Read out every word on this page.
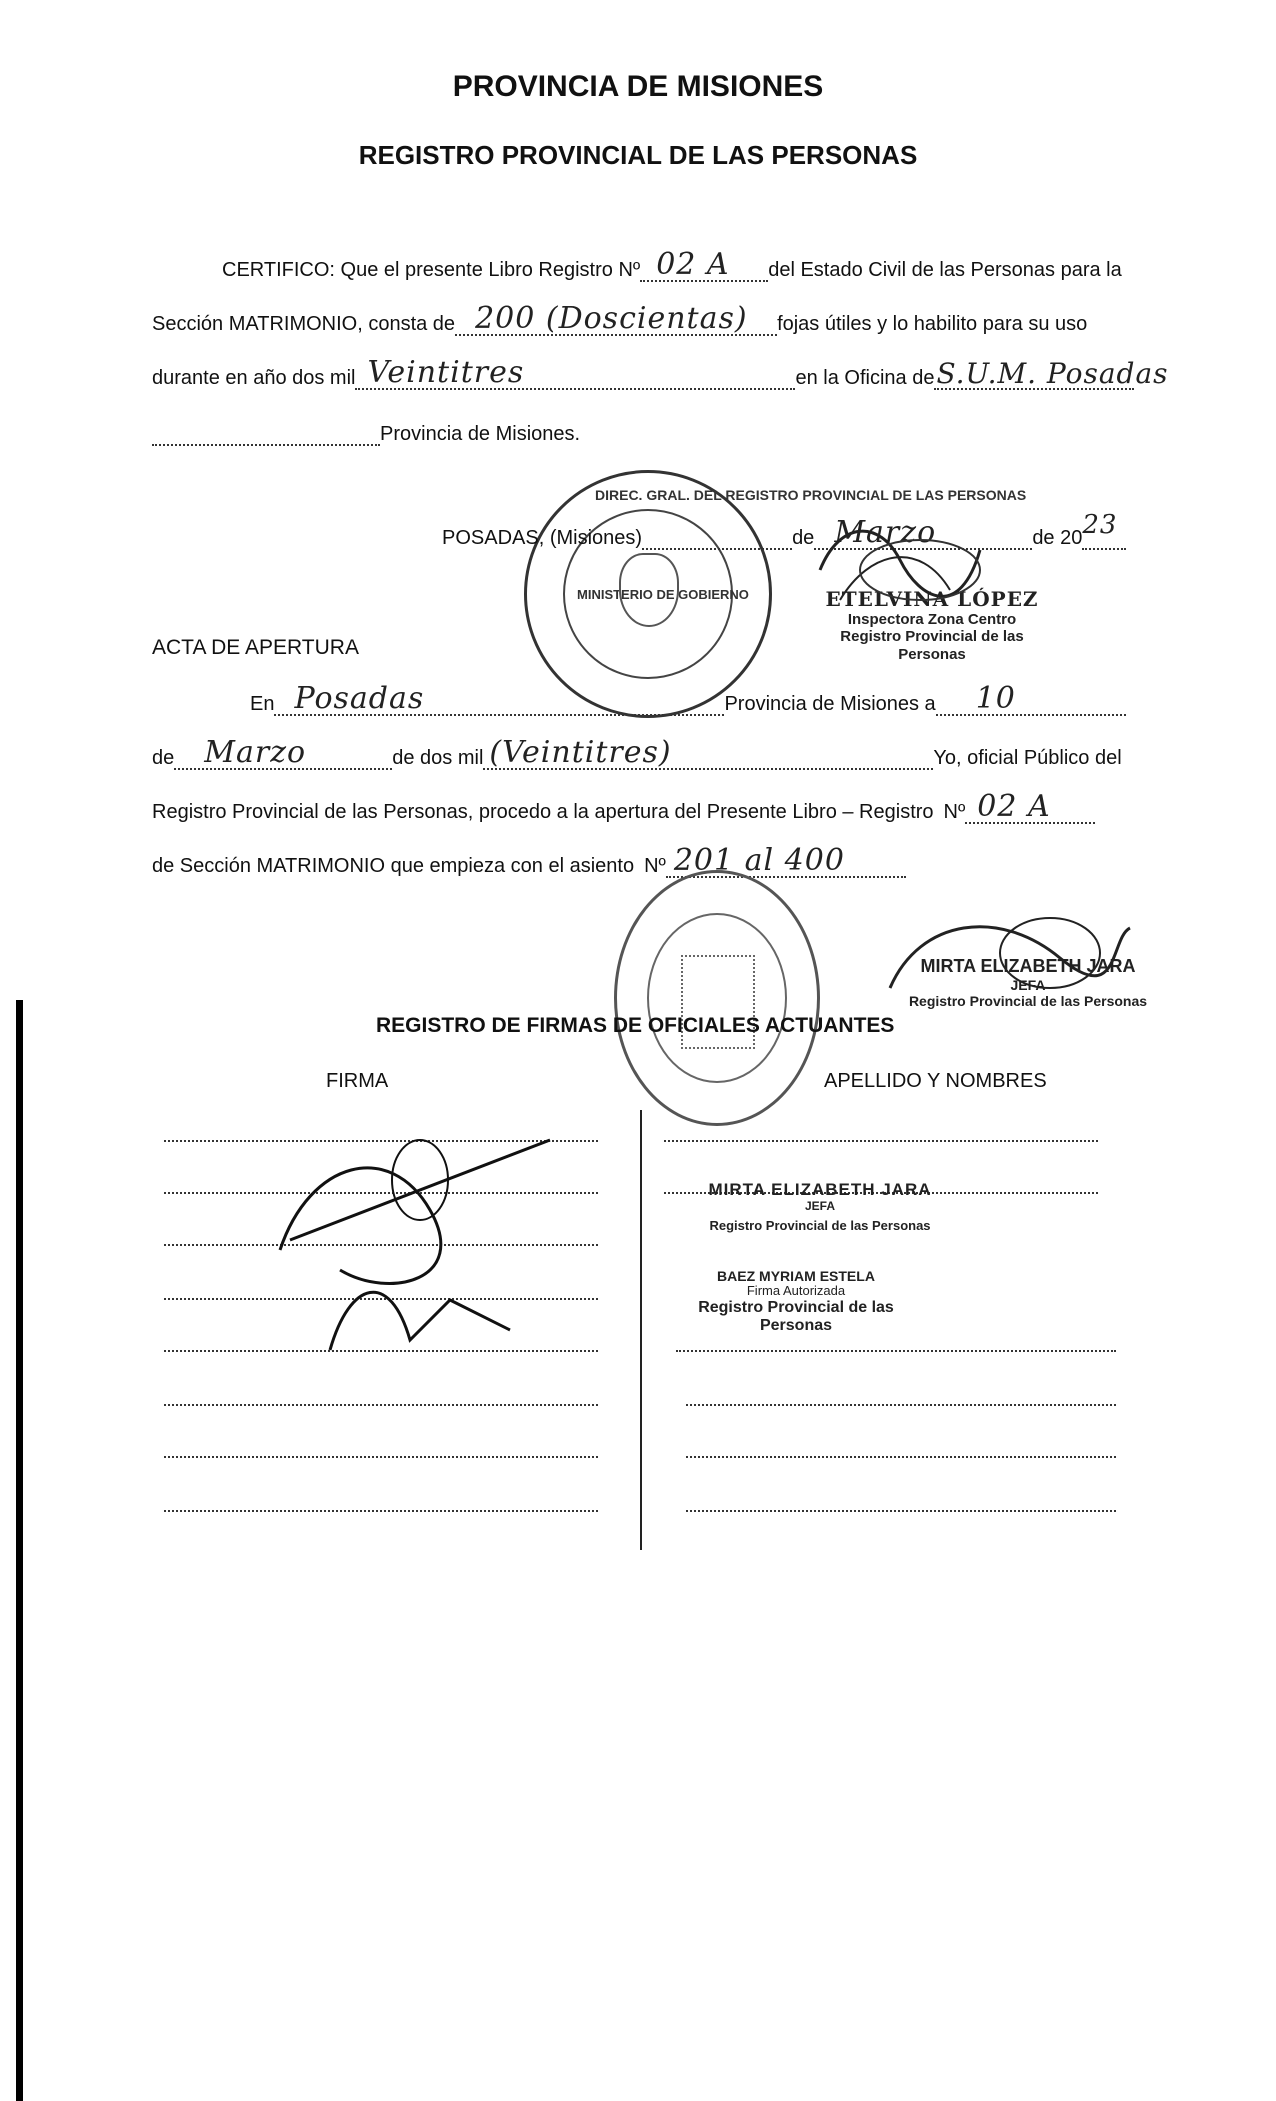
PROVINCIA DE MISIONES
REGISTRO PROVINCIAL DE LAS PERSONAS
CERTIFICO: Que el presente Libro Registro Nº 02 A del Estado Civil de las Personas para la
Sección MATRIMONIO, consta de 200 (Doscientas) fojas útiles y lo habilito para su uso
durante en año dos mil Veintitres	en la Oficina de S.U.M. Posadas
Provincia de Misiones.
DIREC. GRAL. DEL REGISTRO PROVINCIAL DE LAS PERSONAS
MINISTERIO DE GOBIERNO
POSADAS, (Misiones)	de Marzo	de 20 23
ETELVINA LÓPEZ
Inspectora Zona Centro
Registro Provincial de las Personas
ACTA DE APERTURA
En Posadas	Provincia de Misiones a 10
de Marzo	de dos mil (Veintitres)	Yo, oficial Público del
Registro Provincial de las Personas, procedo a la apertura del Presente Libro – Registro Nº 02 A
de Sección MATRIMONIO que empieza con el asiento Nº 201 al 400
MIRTA ELIZABETH JARA
JEFA
Registro Provincial de las Personas
REGISTRO DE FIRMAS DE OFICIALES ACTUANTES
FIRMA	APELLIDO Y NOMBRES
MIRTA ELIZABETH JARA
JEFA
Registro Provincial de las Personas
BAEZ MYRIAM ESTELA
Firma Autorizada
Registro Provincial de las Personas
